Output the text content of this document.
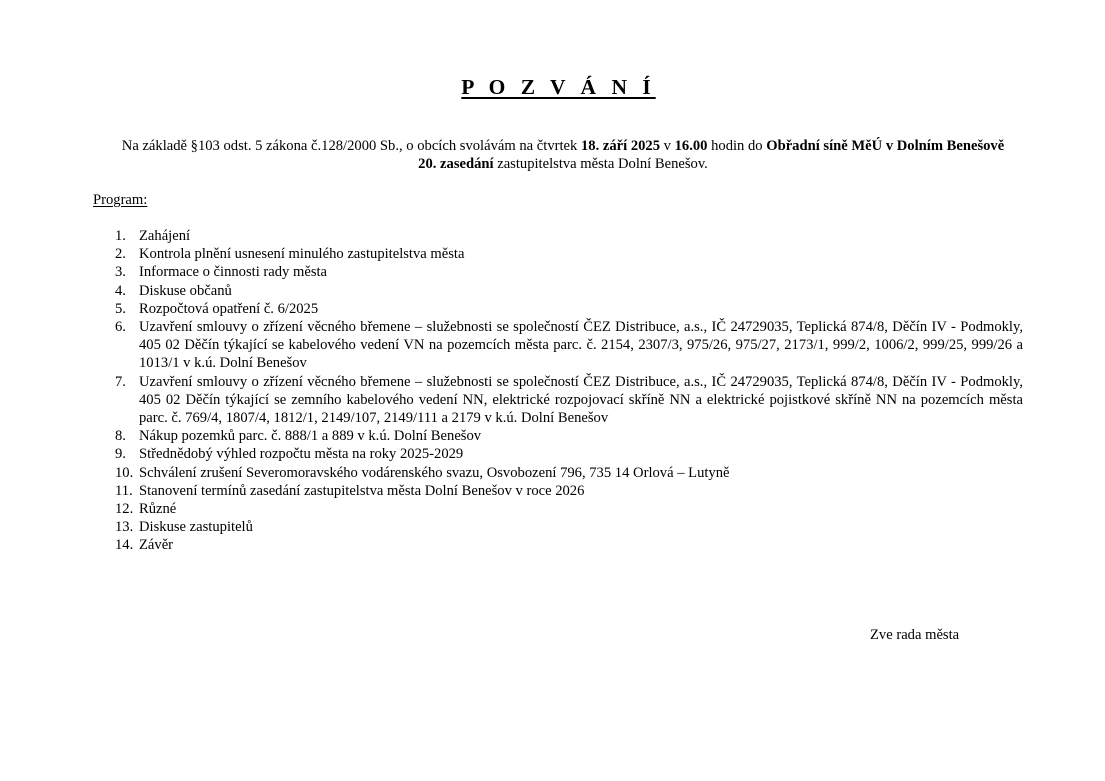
P O Z V Á N Í
Na základě §103 odst. 5 zákona č.128/2000 Sb., o obcích svolávám na čtvrtek 18. září 2025 v 16.00 hodin do Obřadní síně MěÚ v Dolním Benešově
20. zasedání zastupitelstva města Dolní Benešov.
Program:
1. Zahájení
2. Kontrola plnění usnesení minulého zastupitelstva města
3. Informace o činnosti rady města
4. Diskuse občanů
5. Rozpočtová opatření č. 6/2025
6. Uzavření smlouvy o zřízení věcného břemene – služebnosti se společností ČEZ Distribuce, a.s., IČ 24729035, Teplická 874/8, Děčín IV - Podmokly, 405 02 Děčín týkající se kabelového vedení VN na pozemcích města parc. č. 2154, 2307/3, 975/26, 975/27, 2173/1, 999/2, 1006/2, 999/25, 999/26 a 1013/1 v k.ú. Dolní Benešov
7. Uzavření smlouvy o zřízení věcného břemene – služebnosti se společností ČEZ Distribuce, a.s., IČ 24729035, Teplická 874/8, Děčín IV - Podmokly, 405 02 Děčín týkající se zemního kabelového vedení NN, elektrické rozpojovací skříně NN a elektrické pojistkové skříně NN na pozemcích města parc. č. 769/4, 1807/4, 1812/1, 2149/107, 2149/111 a 2179 v k.ú. Dolní Benešov
8. Nákup pozemků parc. č. 888/1 a 889 v k.ú. Dolní Benešov
9. Střednědobý výhled rozpočtu města na roky 2025-2029
10. Schválení zrušení Severomoravského vodárenského svazu, Osvobození 796, 735 14 Orlová – Lutyně
11. Stanovení termínů zasedání zastupitelstva města Dolní Benešov v roce 2026
12. Různé
13. Diskuse zastupitelů
14. Závěr
Zve rada města
